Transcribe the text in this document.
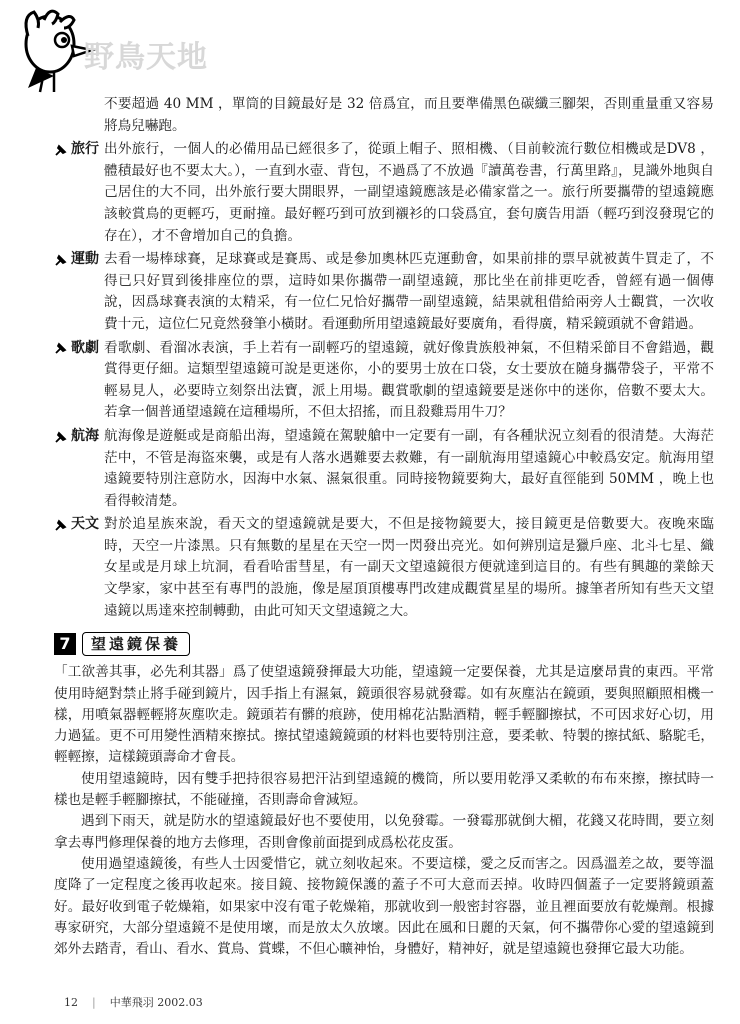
野鳥天地

不要超過 40 MM ，單筒的目鏡最好是 32 倍爲宜，而且要準備黑色碳纖三腳架，否則重量重又容易將鳥兒嚇跑。

旅行 出外旅行，一個人的必備用品已經很多了，從頭上帽子、照相機、（目前較流行數位相機或是DV8 ，體積最好也不要太大。），一直到水壺、背包，不過爲了不放過『讀萬卷書，行萬里路』，見識外地與自己居住的大不同，出外旅行要大開眼界，一副望遠鏡應該是必備家當之一。旅行所要攜帶的望遠鏡應該較賞鳥的更輕巧，更耐撞。最好輕巧到可放到襯衫的口袋爲宜，套句廣告用語（輕巧到沒發現它的存在），才不會增加自己的負擔。

運動 去看一場棒球賽，足球賽或是賽馬、或是參加奧林匹克運動會，如果前排的票早就被黃牛買走了，不得已只好買到後排座位的票，這時如果你攜帶一副望遠鏡，那比坐在前排更吃香，曾經有過一個傳說，因爲球賽表演的太精采，有一位仁兄恰好攜帶一副望遠鏡，結果就租借給兩旁人士觀賞，一次收費十元，這位仁兄竟然發筆小橫財。看運動所用望遠鏡最好要廣角，看得廣，精采鏡頭就不會錯過。

歌劇 看歌劇、看溜冰表演，手上若有一副輕巧的望遠鏡，就好像貴族般神氣，不但精采節目不會錯過，觀賞得更仔細。這類型望遠鏡可說是更迷你，小的要男士放在口袋，女士要放在隨身攜帶袋子，平常不輕易見人，必要時立刻祭出法寶，派上用場。觀賞歌劇的望遠鏡要是迷你中的迷你，倍數不要太大。若拿一個普通望遠鏡在這種場所，不但太招搖，而且殺雞焉用牛刀？

航海 航海像是遊艇或是商船出海，望遠鏡在駕駛艙中一定要有一副，有各種狀況立刻看的很清楚。大海茫茫中，不管是海盜來襲，或是有人落水遇難要去救難，有一副航海用望遠鏡心中較爲安定。航海用望遠鏡要特別注意防水，因海中水氣、濕氣很重。同時接物鏡要夠大，最好直徑能到 50MM ，晚上也看得較清楚。

天文 對於追星族來說，看天文的望遠鏡就是要大，不但是接物鏡要大，接目鏡更是倍數要大。夜晚來臨時，天空一片漆黑。只有無數的星星在天空一閃一閃發出亮光。如何辨別這是獵戶座、北斗七星、織女星或是月球上坑洞，看看哈雷彗星，有一副天文望遠鏡很方便就達到這目的。有些有興趣的業餘天文學家，家中甚至有專門的設施，像是屋頂頂樓專門改建成觀賞星星的場所。據筆者所知有些天文望遠鏡以馬達來控制轉動，由此可知天文望遠鏡之大。

7	望遠鏡保養

「工欲善其事，必先利其器」爲了使望遠鏡發揮最大功能，望遠鏡一定要保養，尤其是這麼昂貴的東西。平常使用時絕對禁止將手碰到鏡片，因手指上有濕氣，鏡頭很容易就發霉。如有灰塵沾在鏡頭，要與照顧照相機一樣，用噴氣器輕輕將灰塵吹走。鏡頭若有髒的痕跡，使用棉花沾點酒精，輕手輕腳擦拭，不可因求好心切，用力過猛。更不可用變性酒精來擦拭。擦拭望遠鏡鏡頭的材料也要特別注意，要柔軟、特製的擦拭紙、駱駝毛，輕輕擦，這樣鏡頭壽命才會長。

使用望遠鏡時，因有雙手把持很容易把汗沾到望遠鏡的機筒，所以要用乾淨又柔軟的布布來擦，擦拭時一樣也是輕手輕腳擦拭，不能碰撞，否則壽命會減短。

遇到下雨天，就是防水的望遠鏡最好也不要使用，以免發霉。一發霉那就倒大楣，花錢又花時間，要立刻拿去專門修理保養的地方去修理，否則會像前面提到成爲松花皮蛋。

使用過望遠鏡後，有些人士因愛惜它，就立刻收起來。不要這樣，愛之反而害之。因爲溫差之故，要等溫度降了一定程度之後再收起來。接目鏡、接物鏡保護的蓋子不可大意而丟掉。收時四個蓋子一定要將鏡頭蓋好。最好收到電子乾燥箱，如果家中沒有電子乾燥箱，那就收到一般密封容器，並且裡面要放有乾燥劑。根據專家研究，大部分望遠鏡不是使用壞，而是放太久放壞。因此在風和日麗的天氣，何不攜帶你心愛的望遠鏡到郊外去踏青，看山、看水、賞鳥、賞蝶，不但心曠神怡，身體好，精神好，就是望遠鏡也發揮它最大功能。

12 | 中華飛羽 2002.03
